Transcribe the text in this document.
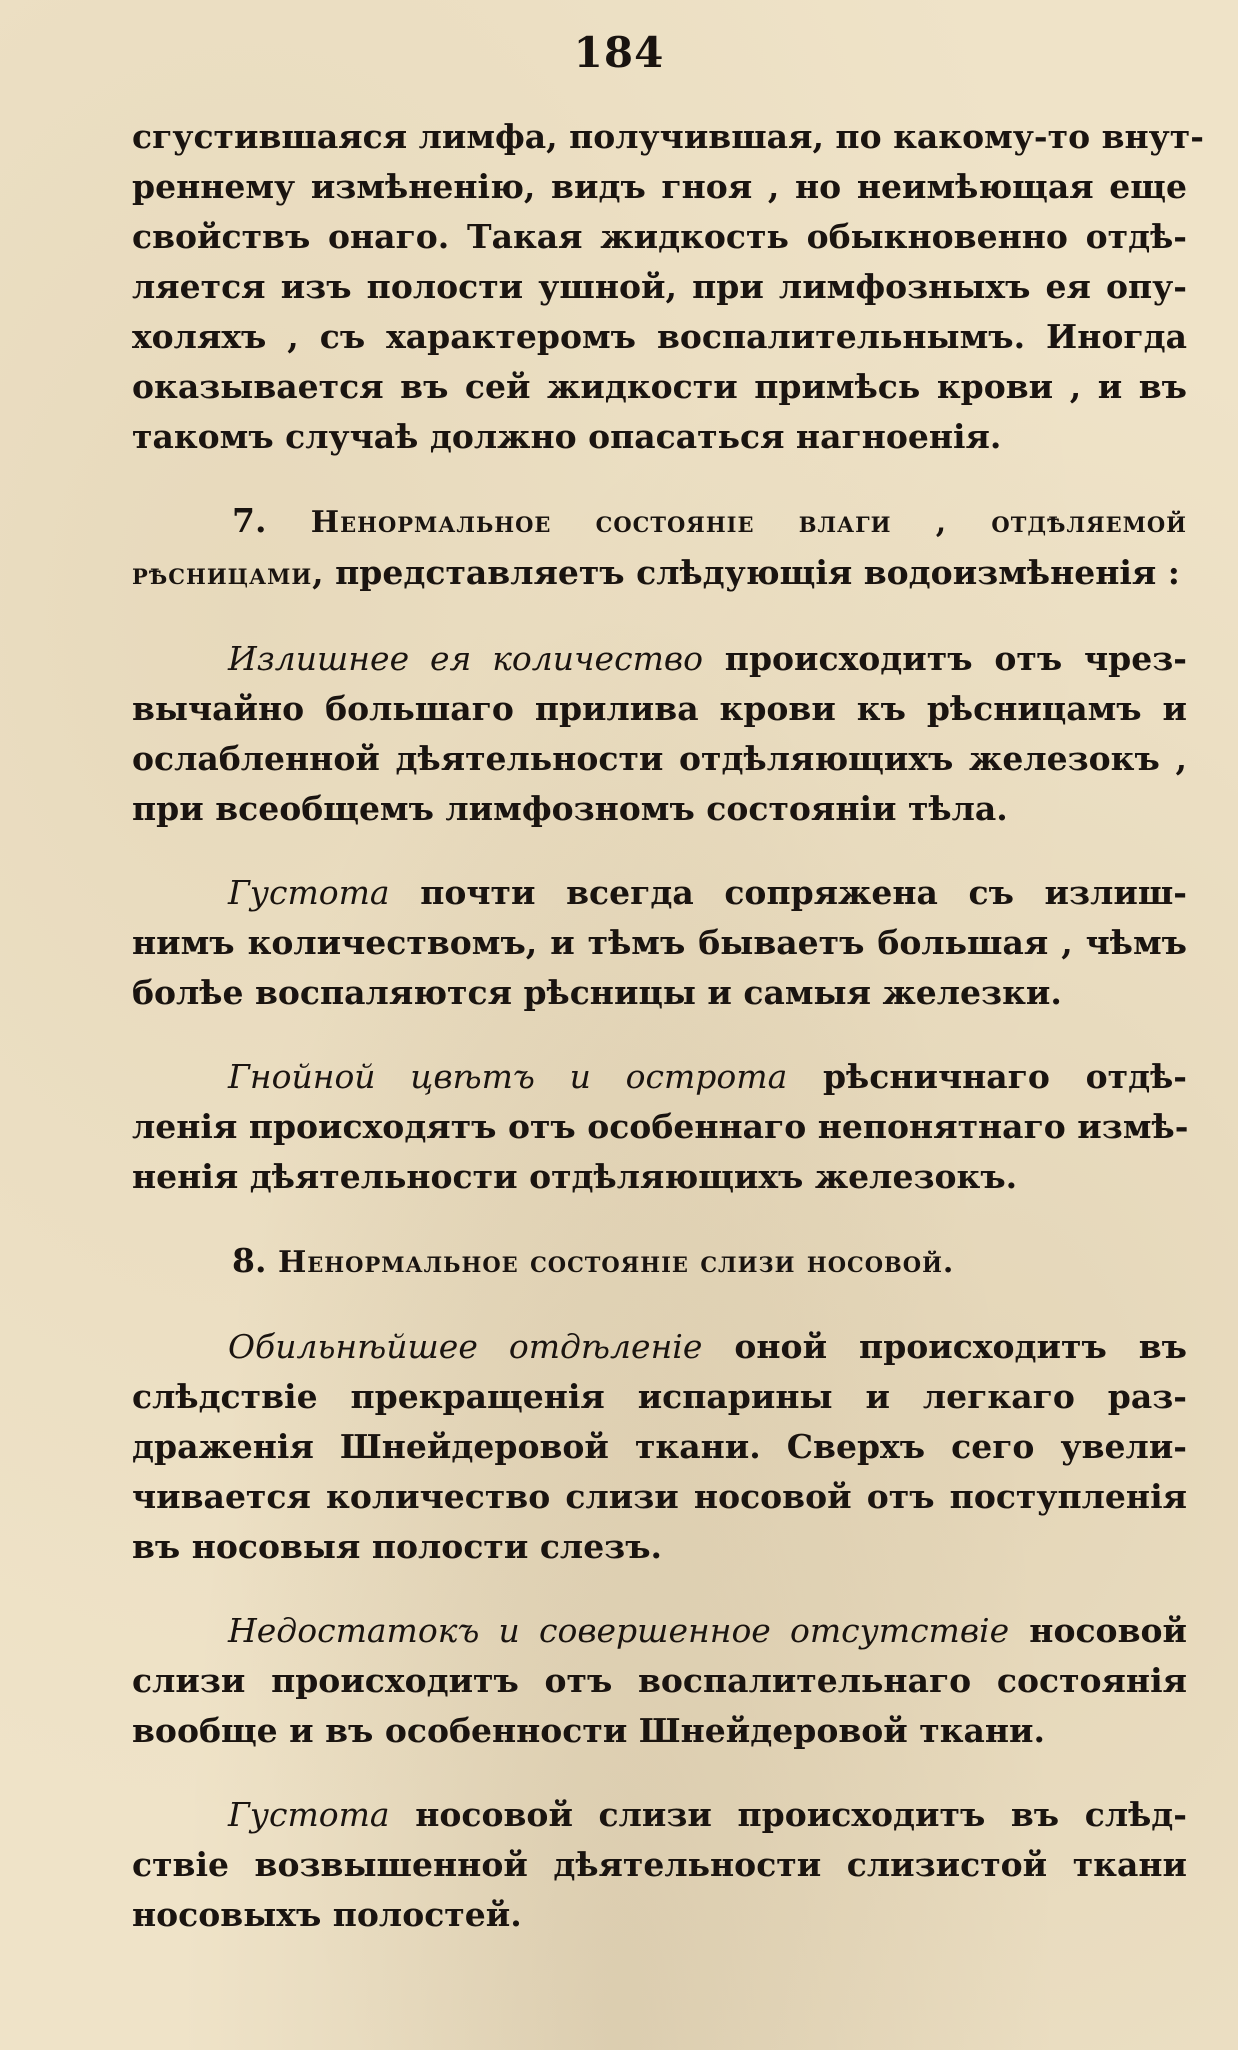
184
сгустившаяся лимфа, получившая, по какому-то внут-
реннему измѣненію, видъ гноя , но неимѣющая еще
свойствъ онаго. Такая жидкость обыкновенно отдѣ-
ляется изъ полости ушной, при лимфозныхъ ея опу-
холяхъ , съ характеромъ воспалительнымъ. Иногда
оказывается въ сей жидкости примѣсь крови , и въ
такомъ случаѣ должно опасаться нагноенія.
7. Ненормальное состояніе влаги , отдѣляемой
рѣсницами, представляетъ слѣдующія водоизмѣненія :
Излишнее ея количество происходитъ отъ чрез-
вычайно большаго прилива крови къ рѣсницамъ и
ослабленной дѣятельности отдѣляющихъ железокъ ,
при всеобщемъ лимфозномъ состояніи тѣла.
Густота почти всегда сопряжена съ излиш-
нимъ количествомъ, и тѣмъ бываетъ большая , чѣмъ
болѣе воспаляются рѣсницы и самыя железки.
Гнойной цвѣтъ и острота рѣсничнаго отдѣ-
ленія происходятъ отъ особеннаго непонятнаго измѣ-
ненія дѣятельности отдѣляющихъ железокъ.
8. Ненормальное состояніе слизи носовой.
Обильнѣйшее отдѣленіе оной происходитъ въ
слѣдствіе прекращенія испарины и легкаго раз-
драженія Шнейдеровой ткани. Сверхъ сего увели-
чивается количество слизи носовой отъ поступленія
въ носовыя полости слезъ.
Недостатокъ и совершенное отсутствіе носовой
слизи происходитъ отъ воспалительнаго состоянія
вообще и въ особенности Шнейдеровой ткани.
Густота носовой слизи происходитъ въ слѣд-
ствіе возвышенной дѣятельности слизистой ткани
носовыхъ полостей.
